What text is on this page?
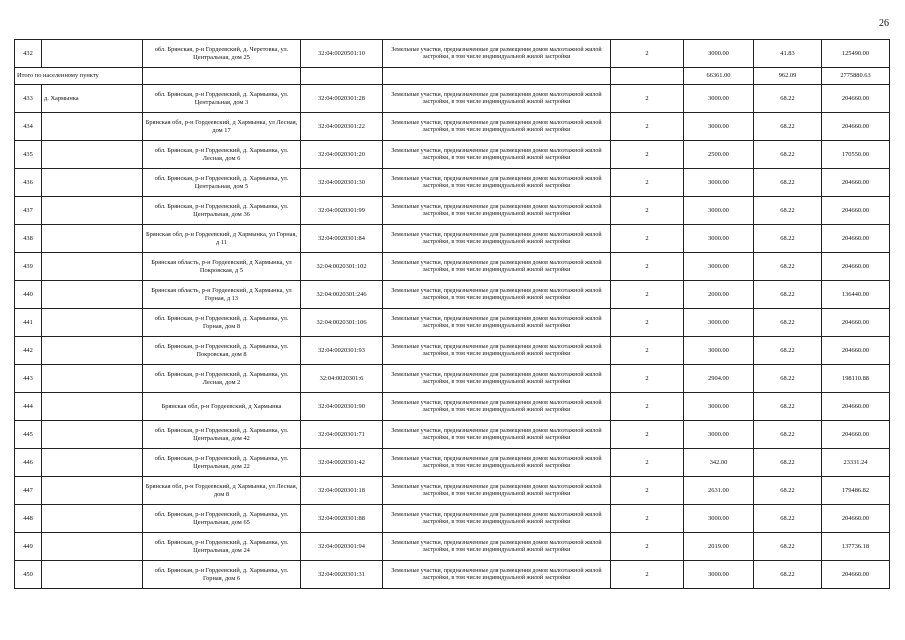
26
432		обл. Брянская, р-н Гордеевский, д. Черетовка, ул. Центральная, дом 25	32:04:0020501:10	Земельные участки, предназначенные для размещения домов малоэтажной жилой застройки, в том числе индивидуальной жилой застройки	2	3000.00	41.83	125490.00
Итого по населенному пункту						66361.00	962.09	2775880.63
433	д. Хармынка	обл. Брянская, р-н Гордеевский, д. Хармынка, ул. Центральная, дом 3	32:04:0020301:28	Земельные участки, предназначенные для размещения домов малоэтажной жилой застройки, в том числе индивидуальной жилой застройки	2	3000.00	68.22	204660.00
434		Брянская обл, р-н Гордеевский, д Хармынка, ул Лесная, дом 17	32:04:0020301:22	Земельные участки, предназначенные для размещения домов малоэтажной жилой застройки, в том числе индивидуальной жилой застройки	2	3000.00	68.22	204660.00
435		обл. Брянская, р-н Гордеевский, д. Хармынка, ул. Лесная, дом 6	32:04:0020301:20	Земельные участки, предназначенные для размещения домов малоэтажной жилой застройки, в том числе индивидуальной жилой застройки	2	2500.00	68.22	170550.00
436		обл. Брянская, р-н Гордеевский, д. Хармынка, ул. Центральная, дом 5	32:04:0020301:30	Земельные участки, предназначенные для размещения домов малоэтажной жилой застройки, в том числе индивидуальной жилой застройки	2	3000.00	68.22	204660.00
437		обл. Брянская, р-н Гордеевский, д. Хармынка, ул. Центральная, дом 36	32:04:0020301:99	Земельные участки, предназначенные для размещения домов малоэтажной жилой застройки, в том числе индивидуальной жилой застройки	2	3000.00	68.22	204660.00
438		Брянская обл, р-н Гордеевский, д Хармынка, ул Горная, д 11	32:04:0020301:84	Земельные участки, предназначенные для размещения домов малоэтажной жилой застройки, в том числе индивидуальной жилой застройки	2	3000.00	68.22	204660.00
439		Брянская область, р-н Гордеевский, д Хармынка, ул Покровская, д 5	32:04:0020301:102	Земельные участки, предназначенные для размещения домов малоэтажной жилой застройки, в том числе индивидуальной жилой застройки	2	3000.00	68.22	204660.00
440		Брянская область, р-н Гордеевский, д Хармынка, ул Горная, д 13	32:04:0020301:246	Земельные участки, предназначенные для размещения домов малоэтажной жилой застройки, в том числе индивидуальной жилой застройки	2	2000.00	68.22	136440.00
441		обл. Брянская, р-н Гордеевский, д. Хармынка, ул. Горная, дом 8	32:04:0020301:106	Земельные участки, предназначенные для размещения домов малоэтажной жилой застройки, в том числе индивидуальной жилой застройки	2	3000.00	68.22	204660.00
442		обл. Брянская, р-н Гордеевский, д. Хармынка, ул. Покровская, дом 8	32:04:0020301:93	Земельные участки, предназначенные для размещения домов малоэтажной жилой застройки, в том числе индивидуальной жилой застройки	2	3000.00	68.22	204660.00
443		обл. Брянская, р-н Гордеевский, д. Хармынка, ул. Лесная, дом 2	32:04:0020301:6	Земельные участки, предназначенные для размещения домов малоэтажной жилой застройки, в том числе индивидуальной жилой застройки	2	2904.00	68.22	198110.88
444		Брянская обл, р-н Гордеевский, д Хармынка	32:04:0020301:90	Земельные участки, предназначенные для размещения домов малоэтажной жилой застройки, в том числе индивидуальной жилой застройки	2	3000.00	68.22	204660.00
445		обл. Брянская, р-н Гордеевский, д. Хармынка, ул. Центральная, дом 42	32:04:0020301:71	Земельные участки, предназначенные для размещения домов малоэтажной жилой застройки, в том числе индивидуальной жилой застройки	2	3000.00	68.22	204660.00
446		обл. Брянская, р-н Гордеевский, д. Хармынка, ул. Центральная, дом 22	32:04:0020301:42	Земельные участки, предназначенные для размещения домов малоэтажной жилой застройки, в том числе индивидуальной жилой застройки	2	342.00	68.22	23331.24
447		Брянская обл, р-н Гордеевский, д Хармынка, ул Лесная, дом 8	32:04:0020301:18	Земельные участки, предназначенные для размещения домов малоэтажной жилой застройки, в том числе индивидуальной жилой застройки	2	2631.00	68.22	179486.82
448		обл. Брянская, р-н Гордеевский, д. Хармынка, ул. Центральная, дом 65	32:04:0020301:88	Земельные участки, предназначенные для размещения домов малоэтажной жилой застройки, в том числе индивидуальной жилой застройки	2	3000.00	68.22	204660.00
449		обл. Брянская, р-н Гордеевский, д. Хармынка, ул. Центральная, дом 24	32:04:0020301:94	Земельные участки, предназначенные для размещения домов малоэтажной жилой застройки, в том числе индивидуальной жилой застройки	2	2019.00	68.22	137736.18
450		обл. Брянская, р-н Гордеевский, д. Хармынка, ул. Горная, дом 6	32:04:0020301:31	Земельные участки, предназначенные для размещения домов малоэтажной жилой застройки, в том числе индивидуальной жилой застройки	2	3000.00	68.22	204660.00
